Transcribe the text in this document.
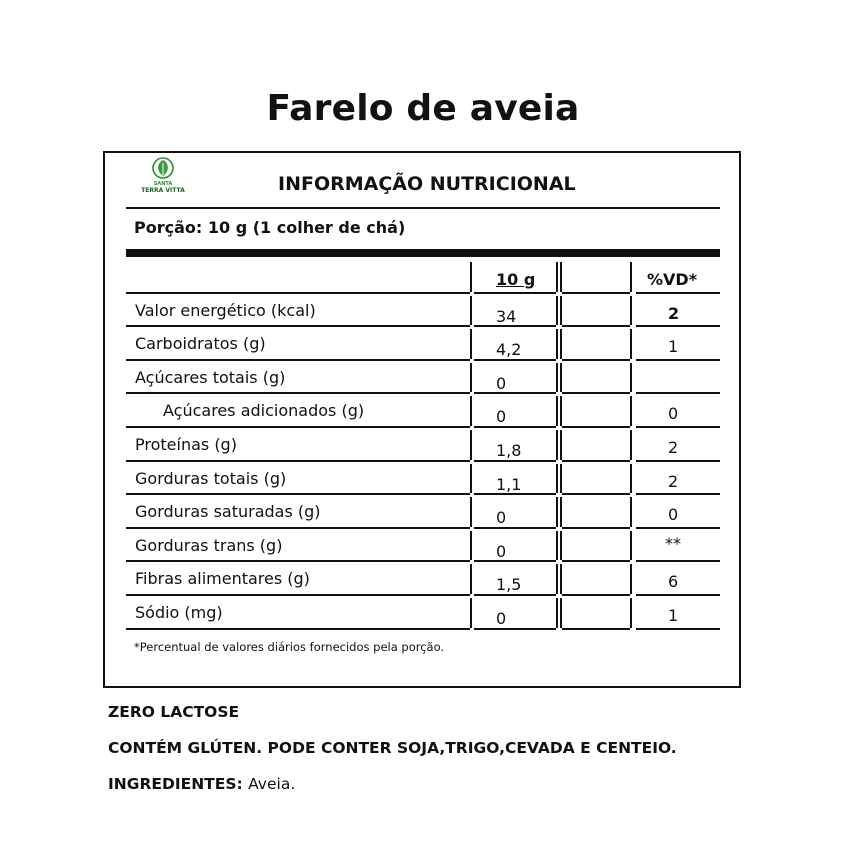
Farelo de aveia
SANTA
TERRA VITTA	INFORMAÇÃO NUTRICIONAL
Porção: 10 g (1 colher de chá)
10 g	%VD*
Valor energético (kcal)	34	2
Carboidratos (g)	4,2	1
Açúcares totais (g)	0
Açúcares adicionados (g)	0	0
Proteínas (g)	1,8	2
Gorduras totais (g)	1,1	2
Gorduras saturadas (g)	0	0
Gorduras trans (g)	0	**
Fibras alimentares (g)	1,5	6
Sódio (mg)	0	1
*Percentual de valores diários fornecidos pela porção.
ZERO LACTOSE
CONTÉM GLÚTEN. PODE CONTER SOJA,TRIGO,CEVADA E CENTEIO.
INGREDIENTES: Aveia.
